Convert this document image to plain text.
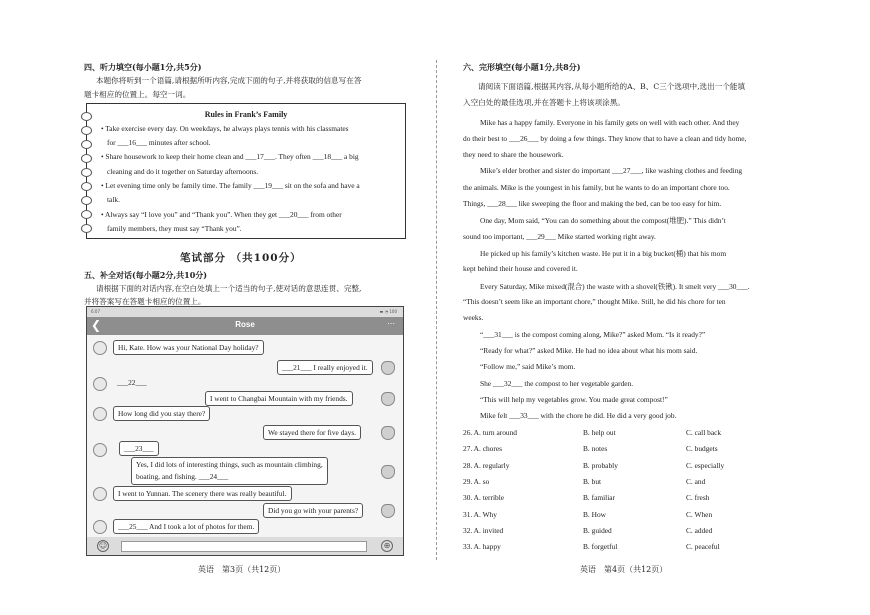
四、听力填空(每小题1分,共5分)
本题你将听到一个语篇,请根据所听内容,完成下面的句子,并将获取的信息写在答
题卡相应的位置上。每空一词。
Rules in Frank’s Family
• Take exercise every day. On weekdays, he always plays tennis with his classmates
for ___16___ minutes after school.
• Share housework to keep their home clean and ___17___. They often ___18___ a big
cleaning and do it together on Saturday afternoons.
• Let evening time only be family time. The family ___19___ sit on the sofa and have a
talk.
• Always say “I love you” and “Thank you”. When they get ___20___ from other
family members, they must say “Thank you”.
笔试部分 （共100分）
五、补全对话(每小题2分,共10分)
请根据下面的对话内容,在空白处填上一个适当的句子,使对话的意思连贯、完整,
并将答案写在答题卡相应的位置上。
6:07	▬ ◔ 100
❮	Rose	⋯
Hi, Kate. How was your National Day holiday?
___21___ I really enjoyed it.
___22___
I went to Changbai Mountain with my friends.
How long did you stay there?
We stayed there for five days.
___23___
Yes, I did lots of interesting things, such as mountain climbing,
boating, and fishing. ___24___
I went to Yunnan. The scenery there was really beautiful.
Did you go with your parents?
___25___ And I took a lot of photos for them.
☺	⊕
英语　第3页（共12页）
六、完形填空(每小题1分,共8分)
请阅读下面语篇,根据其内容,从每小题所给的A、B、C三个选项中,选出一个能填
入空白处的最佳选项,并在答题卡上将该项涂黑。
Mike has a happy family. Everyone in his family gets on well with each other. And they
do their best to ___26___ by doing a few things. They know that to have a clean and tidy home,
they need to share the housework.
Mike’s elder brother and sister do important ___27___, like washing clothes and feeding
the animals. Mike is the youngest in his family, but he wants to do an important chore too.
Things, ___28___ like sweeping the floor and making the bed, can be too easy for him.
One day, Mom said, “You can do something about the compost(堆肥).” This didn’t
sound too important, ___29___ Mike started working right away.
He picked up his family’s kitchen waste. He put it in a big bucket(桶) that his mom
kept behind their house and covered it.
Every Saturday, Mike mixed(混合) the waste with a shovel(铁锹). It smelt very ___30___.
“This doesn’t seem like an important chore,” thought Mike. Still, he did his chore for ten
weeks.
“___31___ is the compost coming along, Mike?” asked Mom. “Is it ready?”
“Ready for what?” asked Mike. He had no idea about what his mom said.
“Follow me,” said Mike’s mom.
She ___32___ the compost to her vegetable garden.
“This will help my vegetables grow. You made great compost!”
Mike felt ___33___ with the chore he did. He did a very good job.
26. A. turn around	B. help out	C. call back
27. A. chores	B. notes	C. budgets
28. A. regularly	B. probably	C. especially
29. A. so	B. but	C. and
30. A. terrible	B. familiar	C. fresh
31. A. Why	B. How	C. When
32. A. invited	B. guided	C. added
33. A. happy	B. forgetful	C. peaceful
英语　第4页（共12页）
